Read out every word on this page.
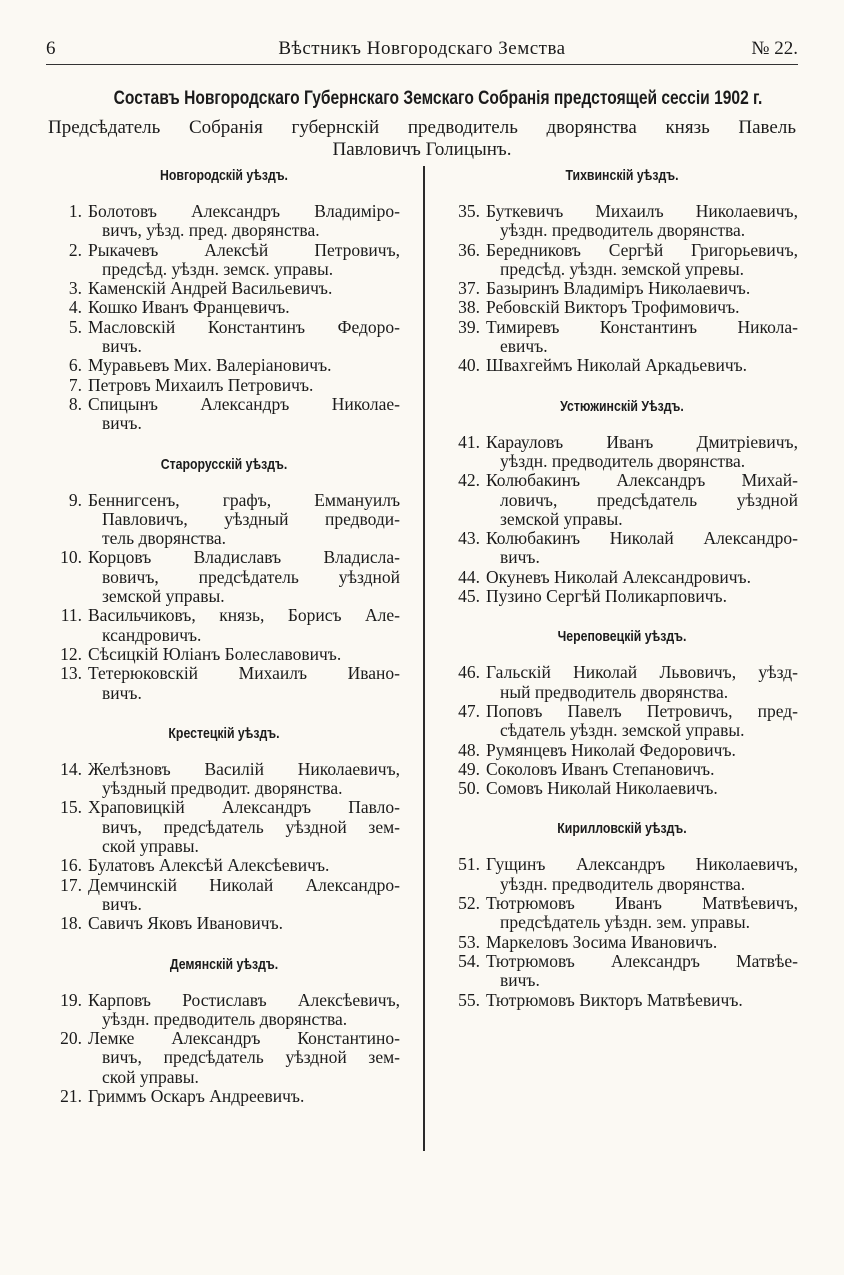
6	Вѣстникъ Новгородскаго Земства	№ 22.
Составъ Новгородскаго Губернскаго Земскаго Собранія предстоящей сессіи 1902 г.
Предсѣдатель Собранія губернскій предводитель дворянства князь Павель
Павловичъ Голицынъ.
Новгородскій уѣздъ.
1. Болотовъ Александръ Владиміро-
вичъ, уѣзд. пред. дворянства.
2. Рыкачевъ Алексѣй Петровичъ,
предсѣд. уѣздн. земск. управы.
3. Каменскій Андрей Васильевичъ.
4. Кошко Иванъ Францевичъ.
5. Масловскій Константинъ Федоро-
вичъ.
6. Муравьевъ Мих. Валеріановичъ.
7. Петровъ Михаилъ Петровичъ.
8. Спицынъ Александръ Николае-
вичъ.
Старорусскій уѣздъ.
9. Беннигсенъ, графъ, Еммануилъ
Павловичъ, уѣздный предводи-
тель дворянства.
10. Корцовъ Владиславъ Владисла-
вовичъ, предсѣдатель уѣздной
земской управы.
11. Васильчиковъ, князь, Борисъ Але-
ксандровичъ.
12. Сѣсицкій Юліанъ Болеславовичъ.
13. Тетерюковскій Михаилъ Ивано-
вичъ.
Крестецкій уѣздъ.
14. Желѣзновъ Василій Николаевичъ,
уѣздный предводит. дворянства.
15. Храповицкій Александръ Павло-
вичъ, предсѣдатель уѣздной зем-
ской управы.
16. Булатовъ Алексѣй Алексѣевичъ.
17. Демчинскій Николай Александро-
вичъ.
18. Савичъ Яковъ Ивановичъ.
Демянскій уѣздъ.
19. Карповъ Ростиславъ Алексѣевичъ,
уѣздн. предводитель дворянства.
20. Лемке Александръ Константино-
вичъ, предсѣдатель уѣздной зем-
ской управы.
21. Гриммъ Оскаръ Андреевичъ.
Тихвинскій уѣздъ.
35. Буткевичъ Михаилъ Николаевичъ,
уѣздн. предводитель дворянства.
36. Бередниковъ Сергѣй Григорьевичъ,
предсѣд. уѣздн. земской упревы.
37. Базыринъ Владиміръ Николаевичъ.
38. Ребовскій Викторъ Трофимовичъ.
39. Тимиревъ Константинъ Никола-
евичъ.
40. Швахгеймъ Николай Аркадьевичъ.
Устюжинскій Уѣздъ.
41. Карауловъ Иванъ Дмитріевичъ,
уѣздн. предводитель дворянства.
42. Колюбакинъ Александръ Михай-
ловичъ, предсѣдатель уѣздной
земской управы.
43. Колюбакинъ Николай Александро-
вичъ.
44. Окуневъ Николай Александровичъ.
45. Пузино Сергѣй Поликарповичъ.
Череповецкій уѣздъ.
46. Гальскій Николай Львовичъ, уѣзд-
ный предводитель дворянства.
47. Поповъ Павелъ Петровичъ, пред-
сѣдатель уѣздн. земской управы.
48. Румянцевъ Николай Федоровичъ.
49. Соколовъ Иванъ Степановичъ.
50. Сомовъ Николай Николаевичъ.
Кирилловскій уѣздъ.
51. Гущинъ Александръ Николаевичъ,
уѣздн. предводитель дворянства.
52. Тютрюмовъ Иванъ Матвѣевичъ,
предсѣдатель уѣздн. зем. управы.
53. Маркеловъ Зосима Ивановичъ.
54. Тютрюмовъ Александръ Матвѣе-
вичъ.
55. Тютрюмовъ Викторъ Матвѣевичъ.
